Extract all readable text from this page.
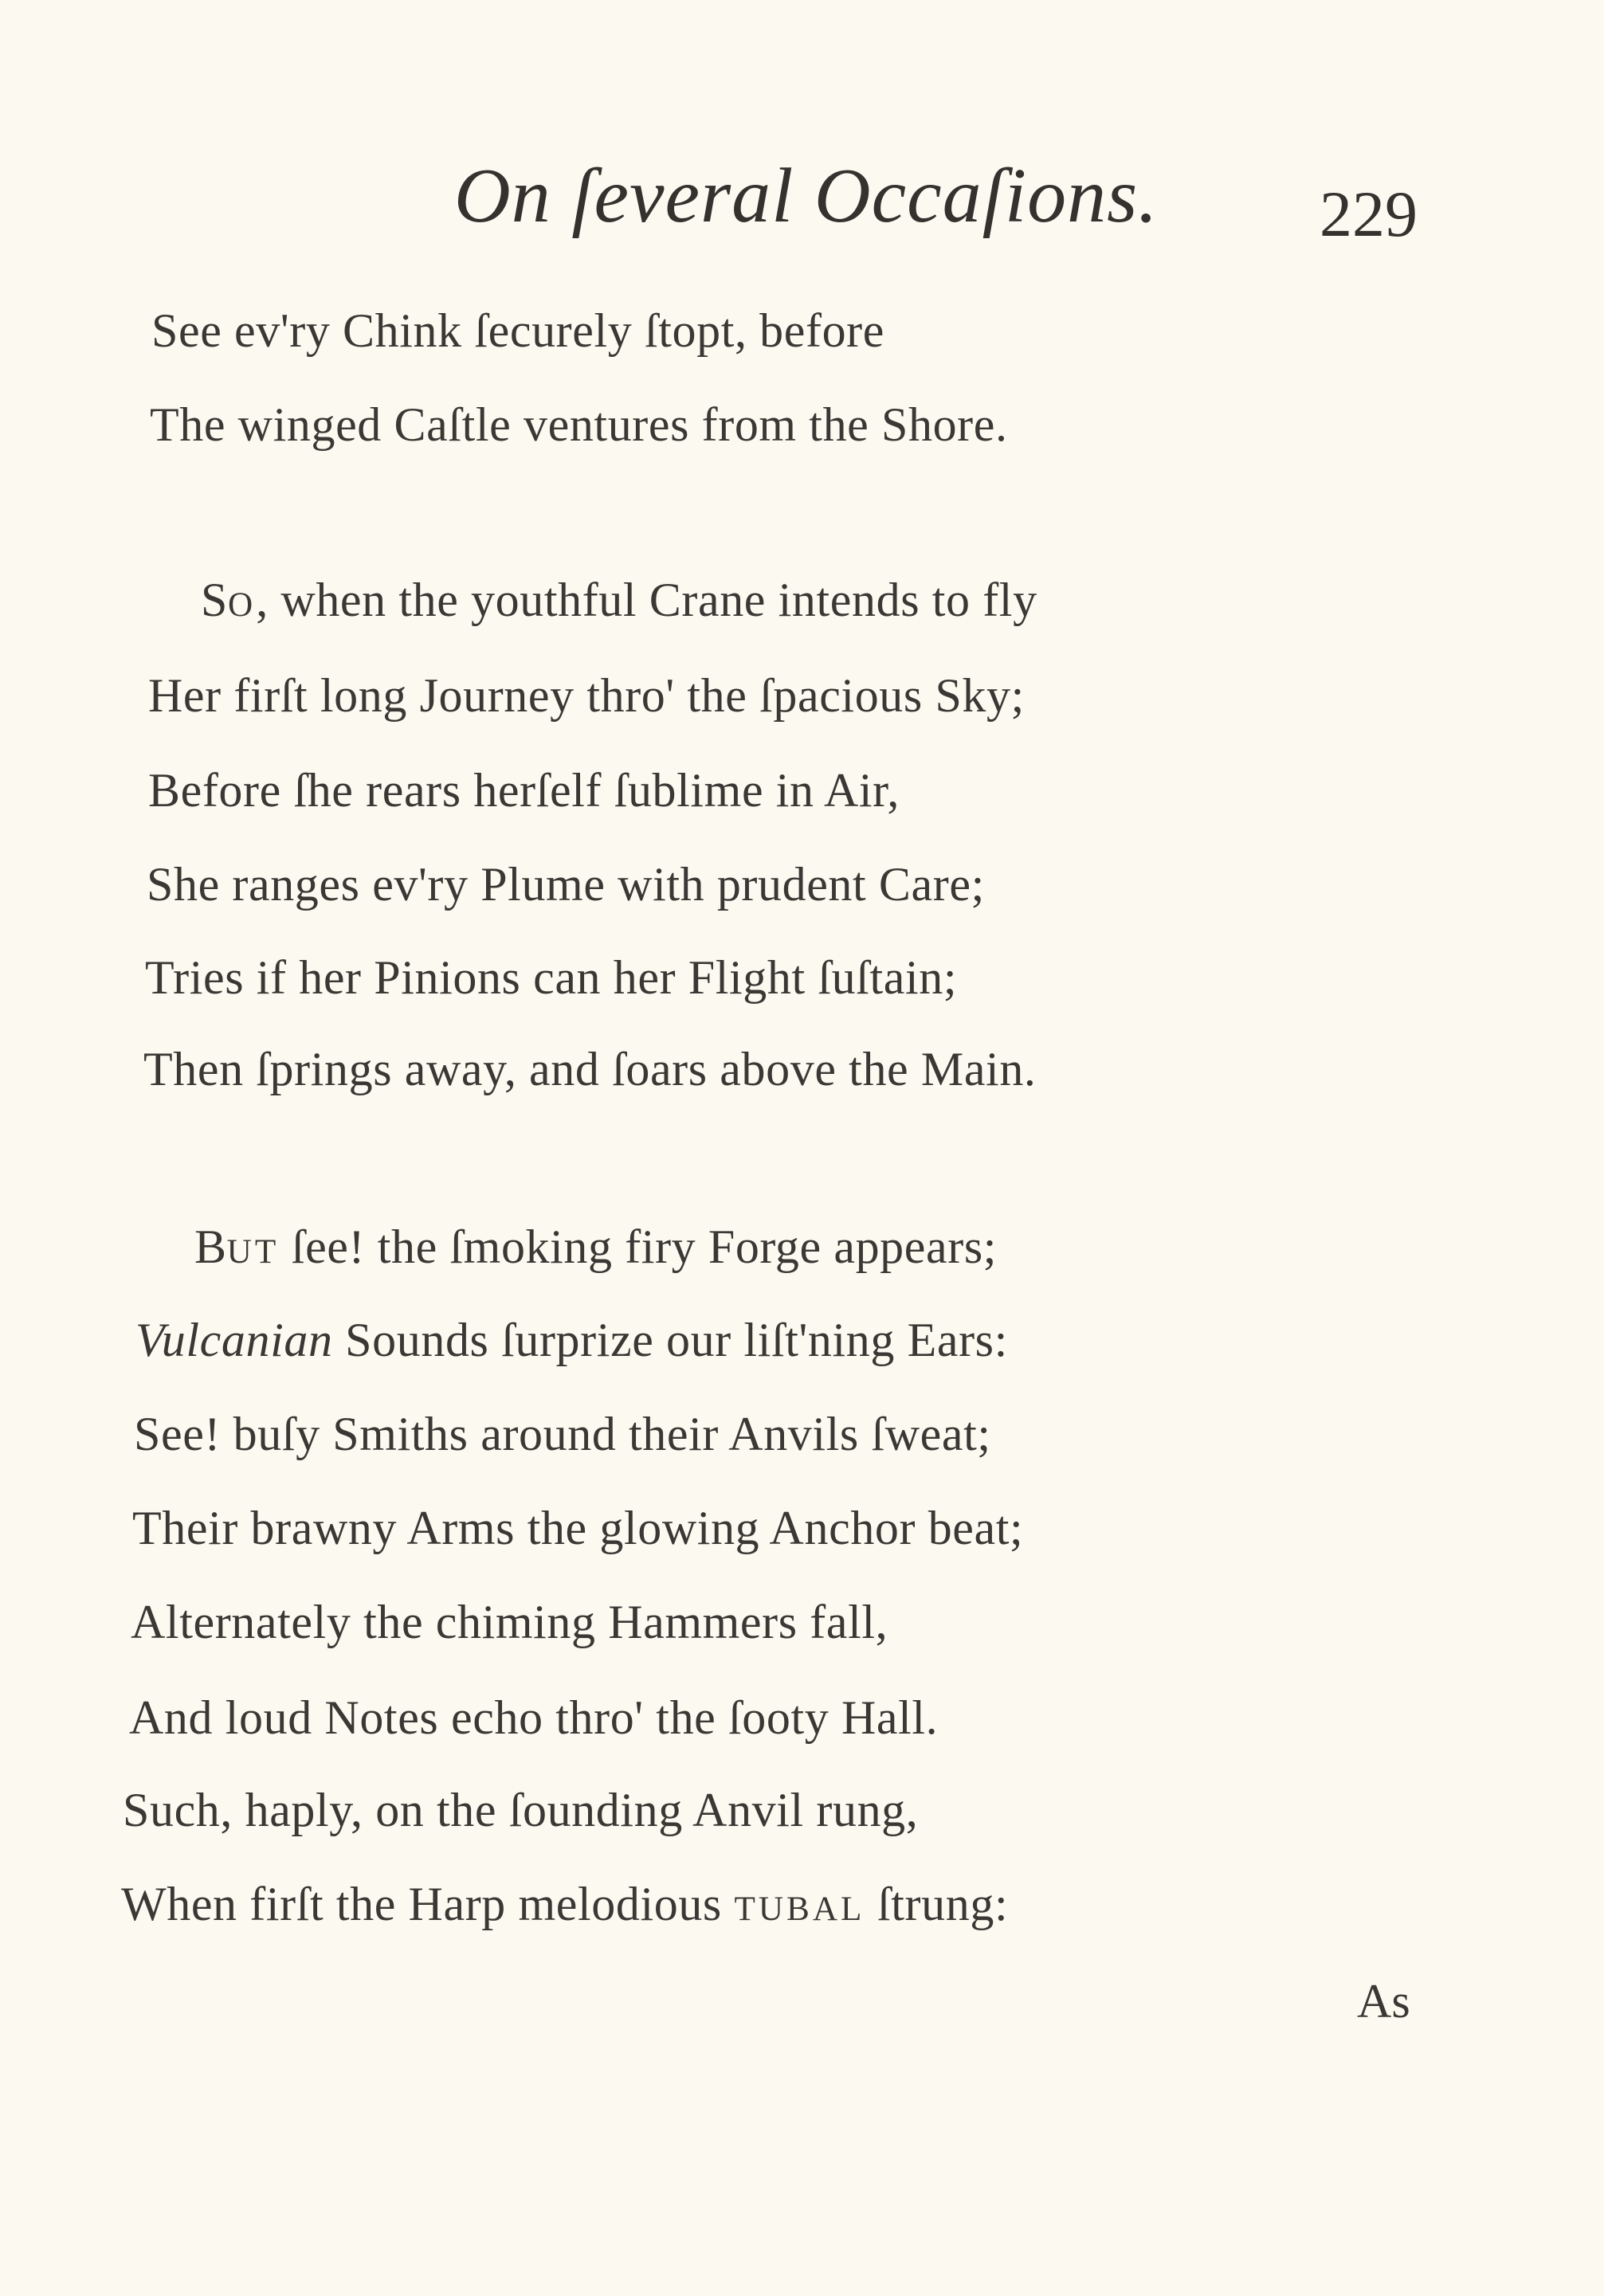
On ſeveral Occaſions. 229
See ev'ry Chink ſecurely ſtopt, before
The winged Caſtle ventures from the Shore.
SO, when the youthful Crane intends to fly
Her firſt long Journey thro' the ſpacious Sky;
Before ſhe rears herſelf ſublime in Air,
She ranges ev'ry Plume with prudent Care;
Tries if her Pinions can her Flight ſuſtain;
Then ſprings away, and ſoars above the Main.
BUT ſee! the ſmoking firy Forge appears;
Vulcanian Sounds ſurprize our liſt'ning Ears:
See! buſy Smiths around their Anvils ſweat;
Their brawny Arms the glowing Anchor beat;
Alternately the chiming Hammers fall,
And loud Notes echo thro' the ſooty Hall.
Such, haply, on the ſounding Anvil rung,
When firſt the Harp melodious TUBAL ſtrung:
As
